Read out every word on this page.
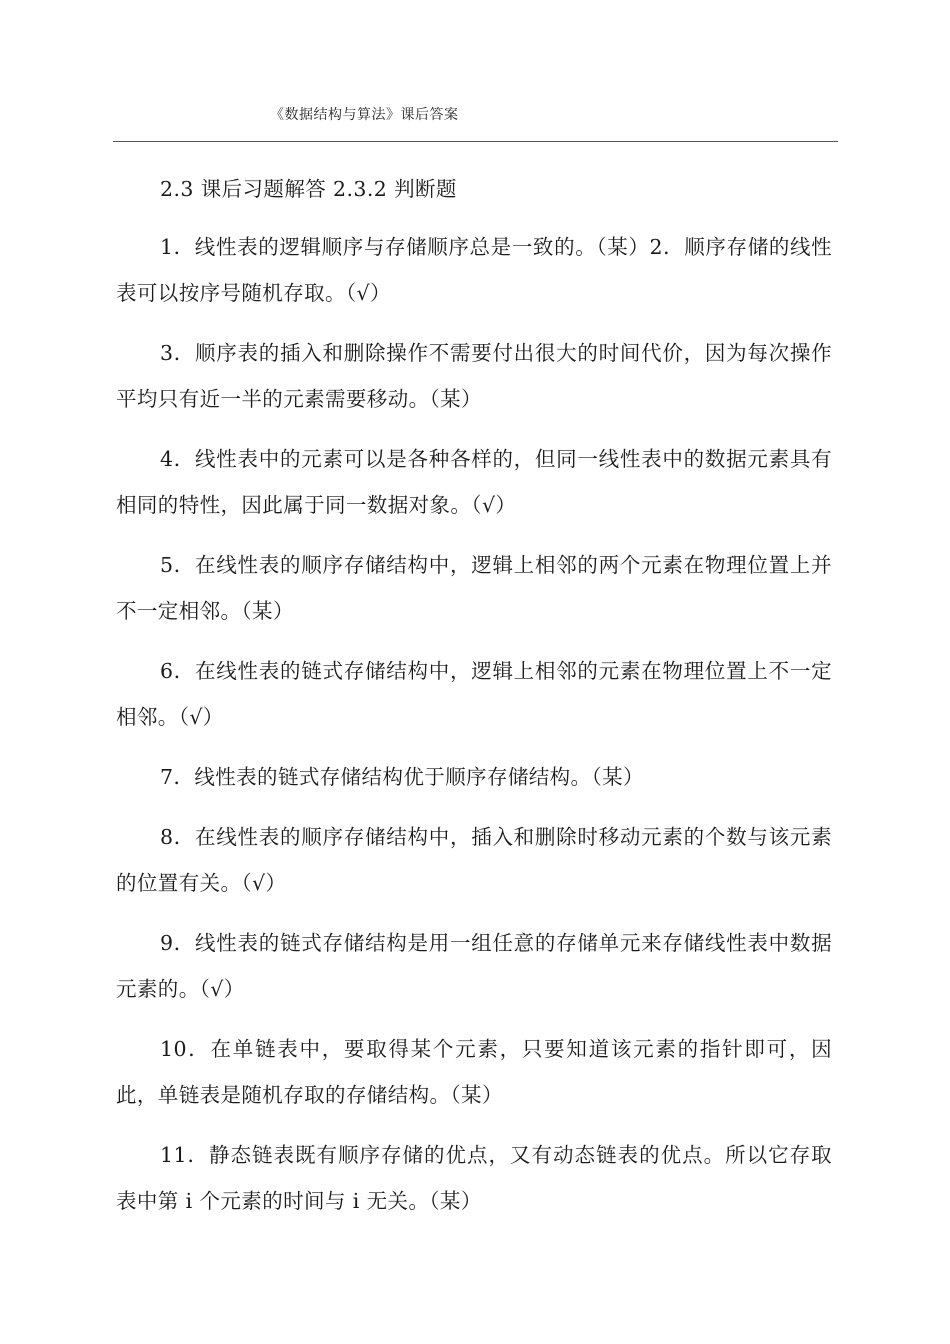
《数据结构与算法》课后答案

2.3 课后习题解答 2.3.2 判断题

1．线性表的逻辑顺序与存储顺序总是一致的。（某）2．顺序存储的线性表可以按序号随机存取。（√）

3．顺序表的插入和删除操作不需要付出很大的时间代价，因为每次操作平均只有近一半的元素需要移动。（某）

4．线性表中的元素可以是各种各样的，但同一线性表中的数据元素具有相同的特性，因此属于同一数据对象。（√）

5．在线性表的顺序存储结构中，逻辑上相邻的两个元素在物理位置上并不一定相邻。（某）

6．在线性表的链式存储结构中，逻辑上相邻的元素在物理位置上不一定相邻。（√）

7．线性表的链式存储结构优于顺序存储结构。（某）

8．在线性表的顺序存储结构中，插入和删除时移动元素的个数与该元素的位置有关。（√）

9．线性表的链式存储结构是用一组任意的存储单元来存储线性表中数据元素的。（√）

10．在单链表中，要取得某个元素，只要知道该元素的指针即可，因此，单链表是随机存取的存储结构。（某）

11．静态链表既有顺序存储的优点，又有动态链表的优点。所以它存取表中第 i 个元素的时间与 i 无关。（某）
